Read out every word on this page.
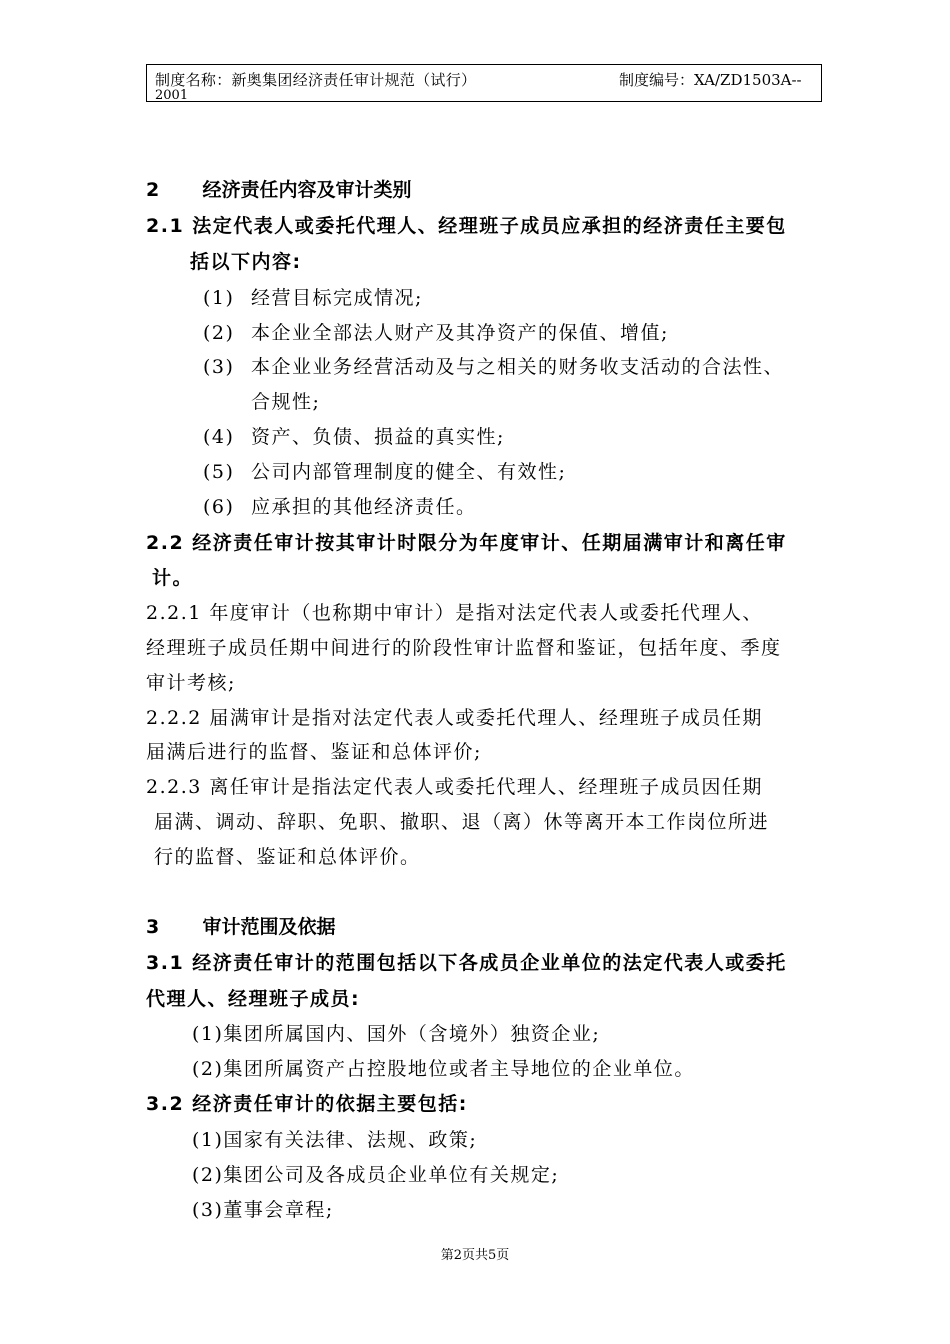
制度名称：新奥集团经济责任审计规范（试行）	制度编号：XA/ZD1503A--
2001
2 经济责任内容及审计类别
2.1 法定代表人或委托代理人、经理班子成员应承担的经济责任主要包
括以下内容:
(1) 经营目标完成情况;
(2) 本企业全部法人财产及其净资产的保值、增值;
(3) 本企业业务经营活动及与之相关的财务收支活动的合法性、
合规性;
(4) 资产、负债、损益的真实性;
(5) 公司内部管理制度的健全、有效性;
(6) 应承担的其他经济责任。
2.2 经济责任审计按其审计时限分为年度审计、任期届满审计和离任审
计。
2.2.1 年度审计（也称期中审计）是指对法定代表人或委托代理人、
经理班子成员任期中间进行的阶段性审计监督和鉴证，包括年度、季度
审计考核;
2.2.2 届满审计是指对法定代表人或委托代理人、经理班子成员任期
届满后进行的监督、鉴证和总体评价;
2.2.3 离任审计是指法定代表人或委托代理人、经理班子成员因任期
届满、调动、辞职、免职、撤职、退（离）休等离开本工作岗位所进
行的监督、鉴证和总体评价。
3 审计范围及依据
3.1 经济责任审计的范围包括以下各成员企业单位的法定代表人或委托
代理人、经理班子成员:
(1)集团所属国内、国外（含境外）独资企业;
(2)集团所属资产占控股地位或者主导地位的企业单位。
3.2 经济责任审计的依据主要包括:
(1)国家有关法律、法规、政策;
(2)集团公司及各成员企业单位有关规定;
(3)董事会章程;
第2页共5页
